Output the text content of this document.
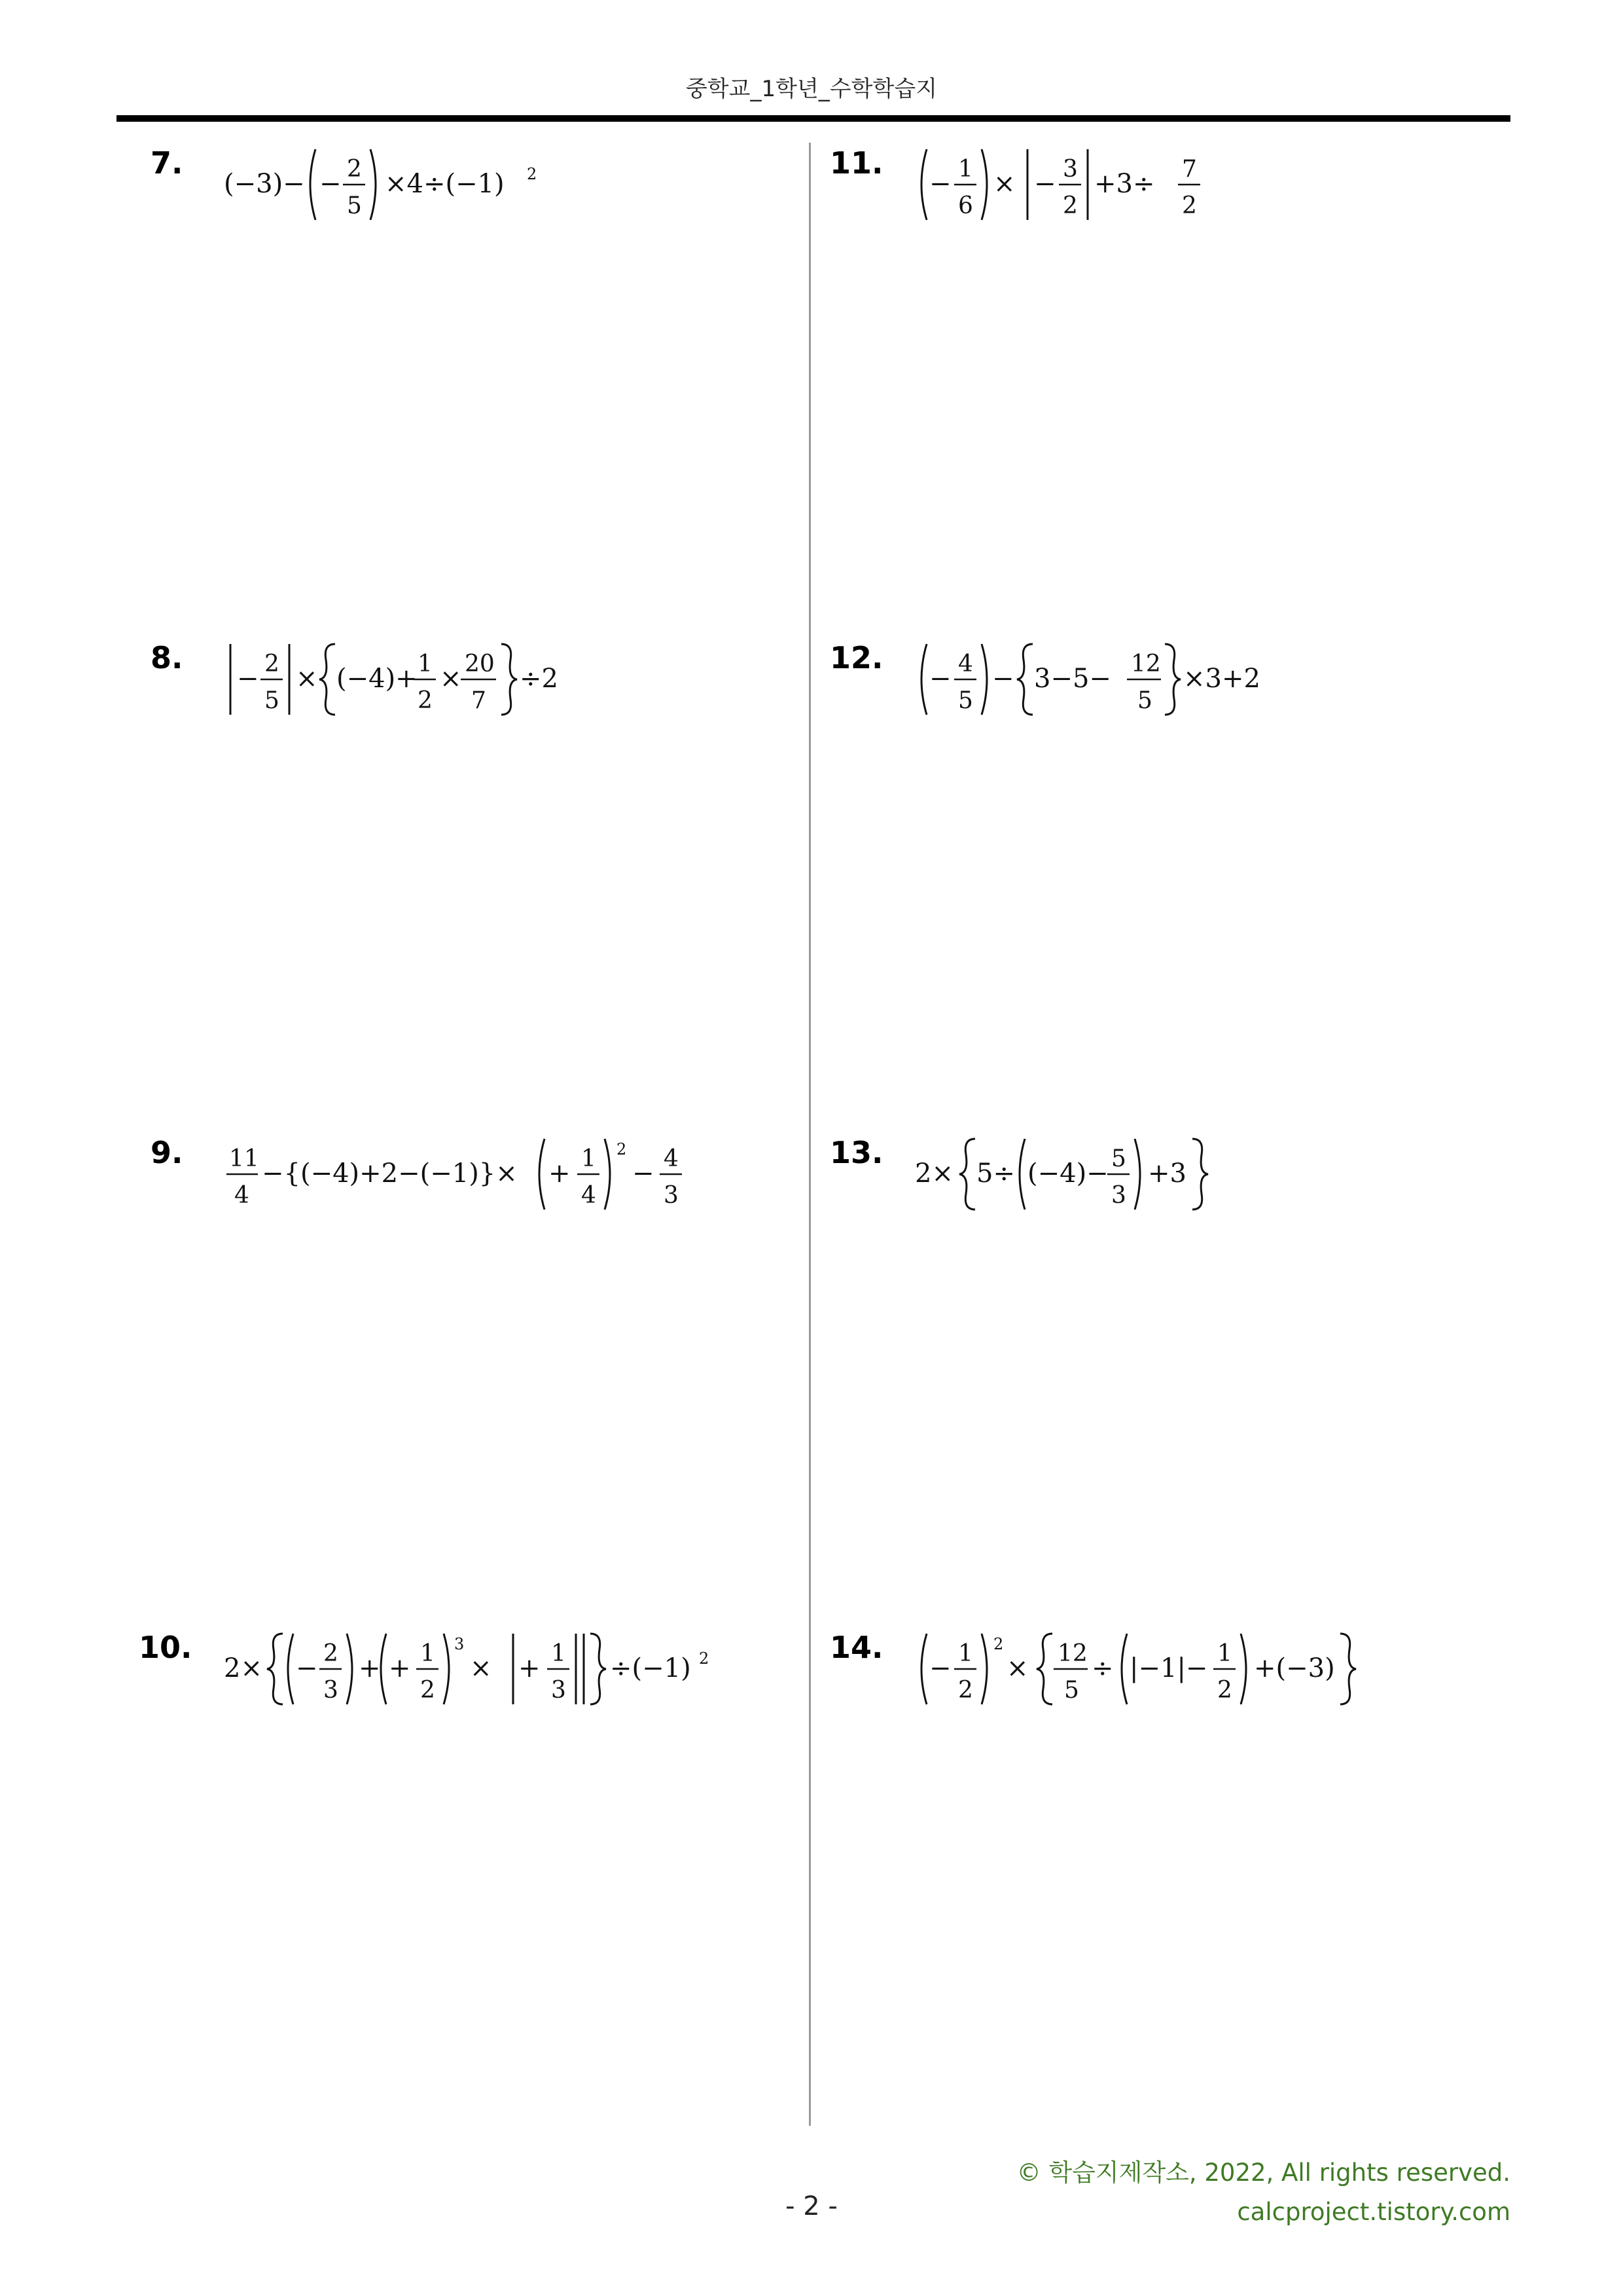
중학교_1학년_수학학습지
7.
(−3)− − 2
5
×4÷(−1) 2
8.
− 2
5
× (−4)+ 1
2
× 20
7
÷2
9. 11
4
−{(−4)+2−(−1)}× + 1
4
2
− 4
3
10.
2× − 2
3
+ + 1
2
3
× + 1
3
÷(−1) 2
11.
− 1
6
× − 3
2
+3÷ 7
2
12.
− 4
5
− 3−5− 12
5
×3+2
13.
2× 5÷ (−4)− 5
3
+3
14.
− 1
2
2
× 12
5
÷ |−1|− 1
2
+(−3)
© 학습지제작소, 2022, All rights reserved.
calcproject.tistory.com
- 2 -
